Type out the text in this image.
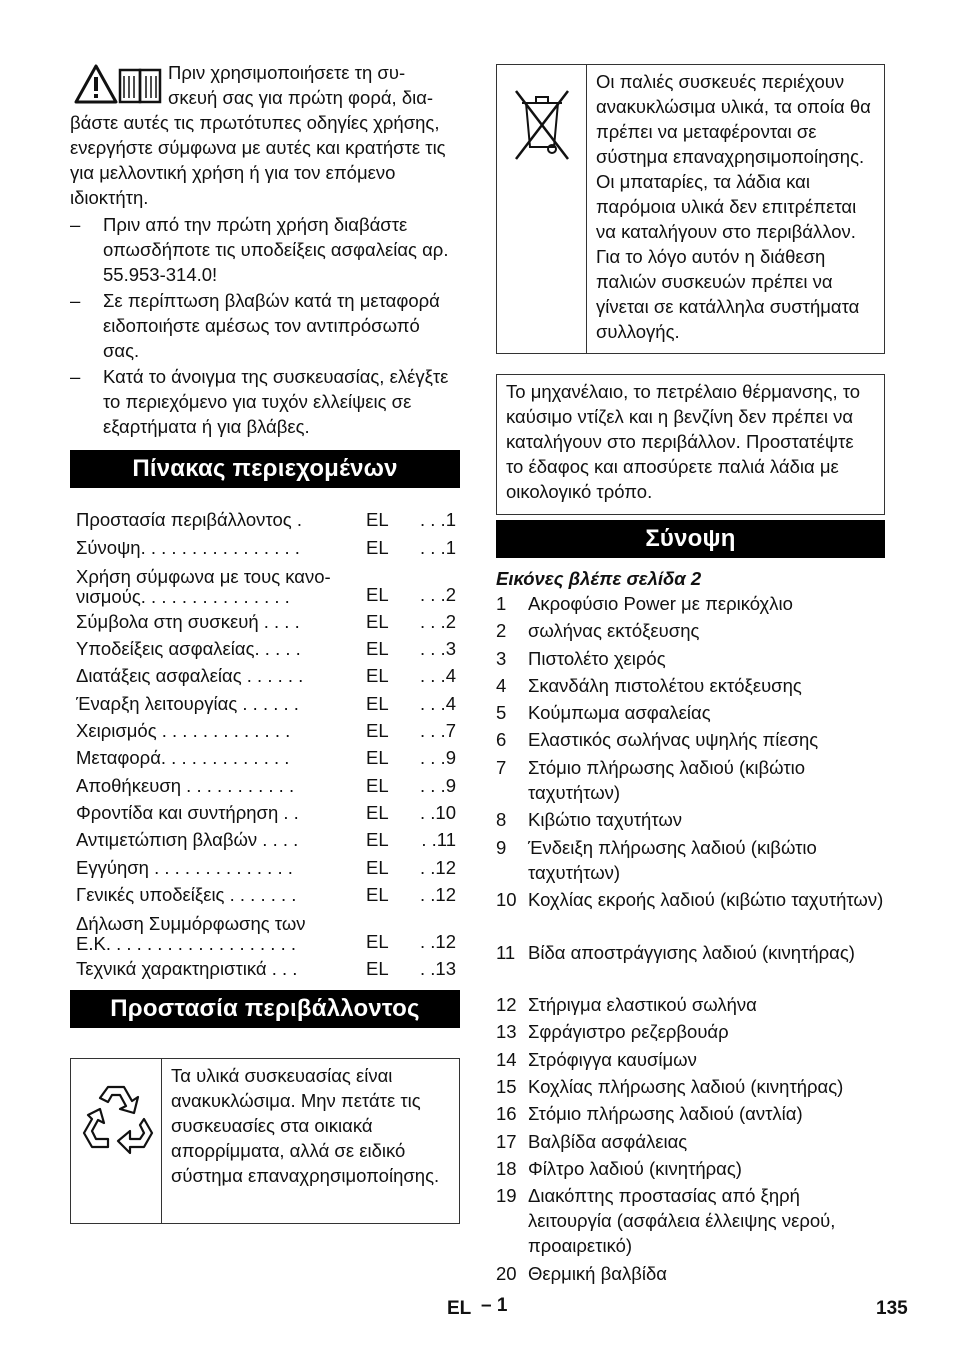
Πριν χρησιμοποιήσετε τη συ-
σκευή σας για πρώτη φορά, δια-
βάστε αυτές τις πρωτότυπες οδηγίες χρήσης, ενεργήστε σύμφωνα με αυτές και κρατήστε τις για μελλοντική χρήση ή για τον επόμενο ιδιοκτήτη.
– Πριν από την πρώτη χρήση διαβάστε οπωσδήποτε τις υποδείξεις ασφαλείας αρ. 55.953-314.0!
– Σε περίπτωση βλαβών κατά τη μεταφορά ειδοποιήστε αμέσως τον αντιπρόσωπό σας.
– Κατά το άνοιγμα της συσκευασίας, ελέγξτε το περιεχόμενο για τυχόν ελλείψεις σε εξαρτήματα ή για βλάβες.
Πίνακας περιεχομένων
Προστασία περιβάλλοντος .	EL	. . .1
Σύνοψη. . . . . . . . . . . . . . . .	EL	. . .1
Χρήση σύμφωνα με τους κανο-
νισμούς. . . . . . . . . . . . . . .	EL	. . .2
Σύμβολα στη συσκευή . . . .	EL	. . .2
Υποδείξεις ασφαλείας. . . . .	EL	. . .3
Διατάξεις ασφαλείας . . . . . .	EL	. . .4
Έναρξη λειτουργίας . . . . . .	EL	. . .4
Χειρισμός . . . . . . . . . . . . .	EL	. . .7
Μεταφορά. . . . . . . . . . . . .	EL	. . .9
Αποθήκευση . . . . . . . . . . .	EL	. . .9
Φροντίδα και συντήρηση . .	EL	. .10
Αντιμετώπιση βλαβών . . . .	EL	. .11
Εγγύηση . . . . . . . . . . . . . .	EL	. .12
Γενικές υποδείξεις . . . . . . .	EL	. .12
Δήλωση Συμμόρφωσης των
Ε.Κ. . . . . . . . . . . . . . . . . . .	EL	. .12
Τεχνικά χαρακτηριστικά . . .	EL	. .13
Προστασία περιβάλλοντος
Τα υλικά συσκευασίας είναι ανακυκλώσιμα. Μην πετάτε τις συσκευασίες στα οικιακά απορρίμματα, αλλά σε ειδικό σύστημα επαναχρησιμοποίησης.
Οι παλιές συσκευές περιέχουν ανακυκλώσιμα υλικά, τα οποία θα πρέπει να μεταφέρονται σε σύστημα επαναχρησιμοποίησης. Οι μπαταρίες, τα λάδια και παρόμοια υλικά δεν επιτρέπεται να καταλήγουν στο περιβάλλον. Για το λόγο αυτόν η διάθεση παλιών συσκευών πρέπει να γίνεται σε κατάλληλα συστήματα συλλογής.
Το μηχανέλαιο, το πετρέλαιο θέρμανσης, το καύσιμο ντίζελ και η βενζίνη δεν πρέπει να καταλήγουν στο περιβάλλον. Προστατέψτε το έδαφος και αποσύρετε παλιά λάδια με οικολογικό τρόπο.
Σύνοψη
Εικόνες βλέπε σελίδα 2
1	Ακροφύσιο Power με περικόχλιο
2	σωλήνας εκτόξευσης
3	Πιστολέτο χειρός
4	Σκανδάλη πιστολέτου εκτόξευσης
5	Κούμπωμα ασφαλείας
6	Ελαστικός σωλήνας υψηλής πίεσης
7	Στόμιο πλήρωσης λαδιού (κιβώτιο ταχυτήτων)
8	Κιβώτιο ταχυτήτων
9	Ένδειξη πλήρωσης λαδιού (κιβώτιο ταχυτήτων)
10 Κοχλίας εκροής λαδιού (κιβώτιο ταχυτήτων)
11 Βίδα αποστράγγισης λαδιού (κινητήρας)
12 Στήριγμα ελαστικού σωλήνα
13 Σφράγιστρο ρεζερβουάρ
14 Στρόφιγγα καυσίμων
15 Κοχλίας πλήρωσης λαδιού (κινητήρας)
16 Στόμιο πλήρωσης λαδιού (αντλία)
17 Βαλβίδα ασφάλειας
18 Φίλτρο λαδιού (κινητήρας)
19 Διακόπτης προστασίας από ξηρή λειτουργία (ασφάλεια έλλειψης νερού, προαιρετικό)
20 Θερμική βαλβίδα
EL – 1	135
